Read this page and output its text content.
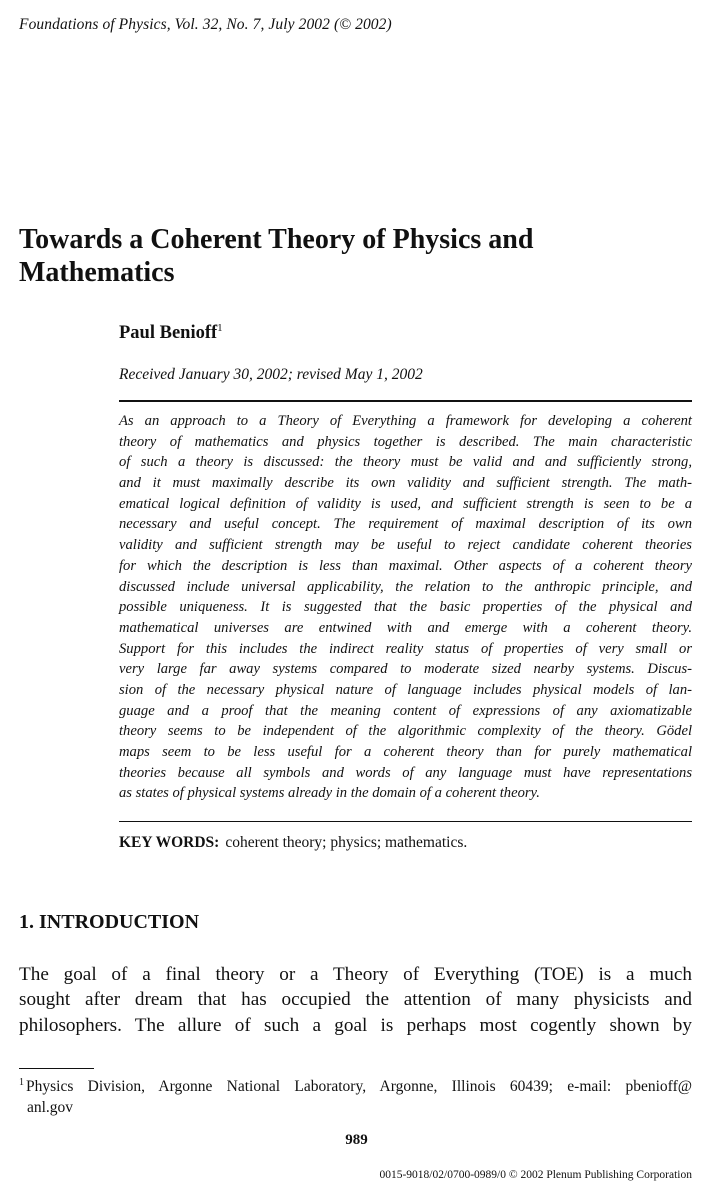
Foundations of Physics, Vol. 32, No. 7, July 2002 (© 2002)
Towards a Coherent Theory of Physics and
Mathematics
Paul Benioff$^1$
Received January 30, 2002; revised May 1, 2002
As an approach to a Theory of Everything a framework for developing a coherent
theory of mathematics and physics together is described. The main characteristic
of such a theory is discussed: the theory must be valid and and sufficiently strong,
and it must maximally describe its own validity and sufficient strength. The math-
ematical logical definition of validity is used, and sufficient strength is seen to be a
necessary and useful concept. The requirement of maximal description of its own
validity and sufficient strength may be useful to reject candidate coherent theories
for which the description is less than maximal. Other aspects of a coherent theory
discussed include universal applicability, the relation to the anthropic principle, and
possible uniqueness. It is suggested that the basic properties of the physical and
mathematical universes are entwined with and emerge with a coherent theory.
Support for this includes the indirect reality status of properties of very small or
very large far away systems compared to moderate sized nearby systems. Discus-
sion of the necessary physical nature of language includes physical models of lan-
guage and a proof that the meaning content of expressions of any axiomatizable
theory seems to be independent of the algorithmic complexity of the theory. Gödel
maps seem to be less useful for a coherent theory than for purely mathematical
theories because all symbols and words of any language must have representations
as states of physical systems already in the domain of a coherent theory.
KEY WORDS: coherent theory; physics; mathematics.
1. INTRODUCTION
The goal of a final theory or a Theory of Everything (TOE) is a much
sought after dream that has occupied the attention of many physicists and
philosophers. The allure of such a goal is perhaps most cogently shown by
$^1$ Physics Division, Argonne National Laboratory, Argonne, Illinois 60439; e-mail: pbenioff@
anl.gov
989
0015-9018/02/0700-0989/0 © 2002 Plenum Publishing Corporation
